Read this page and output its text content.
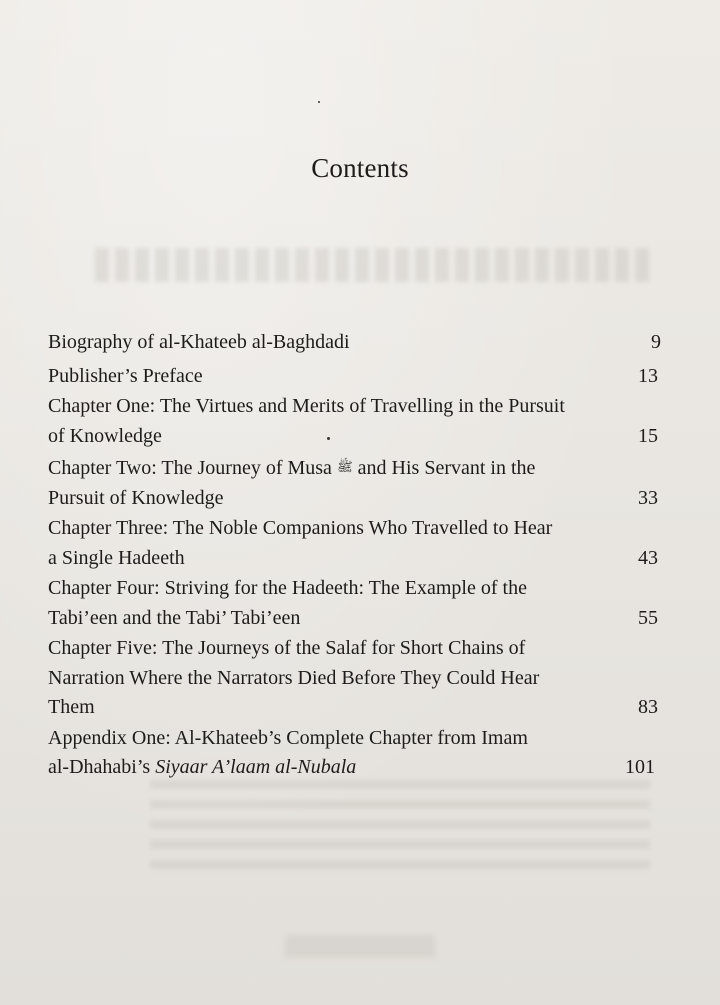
Contents
Biography of al-Khateeb al-Baghdadi	9
Publisher’s Preface	13
Chapter One: The Virtues and Merits of Travelling in the Pursuit
of Knowledge	15
Chapter Two: The Journey of Musa ﷺ and His Servant in the
Pursuit of Knowledge	33
Chapter Three: The Noble Companions Who Travelled to Hear
a Single Hadeeth	43
Chapter Four: Striving for the Hadeeth: The Example of the
Tabi’een and the Tabi’ Tabi’een	55
Chapter Five: The Journeys of the Salaf for Short Chains of
Narration Where the Narrators Died Before They Could Hear
Them	83
Appendix One: Al-Khateeb’s Complete Chapter from Imam
al-Dhahabi’s Siyaar A’laam al-Nubala	101
